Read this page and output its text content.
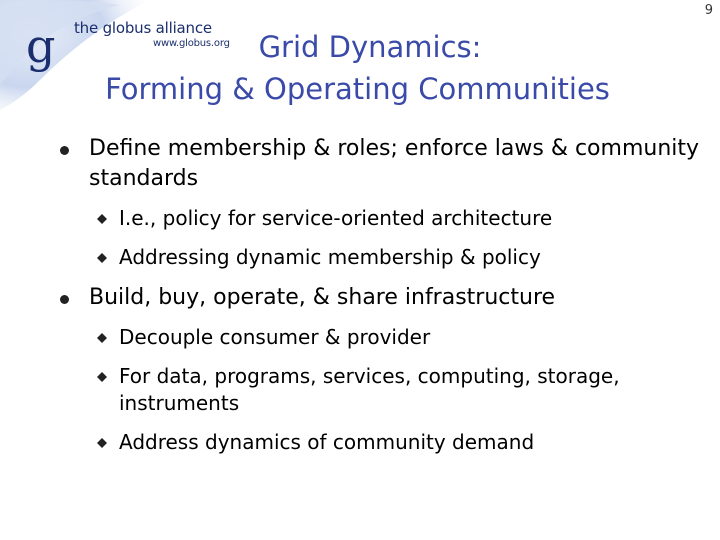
g the globus alliance
www.globus.org
9
Grid Dynamics:
Forming & Operating Communities
Define membership & roles; enforce laws & community standards
I.e., policy for service-oriented architecture
Addressing dynamic membership & policy
Build, buy, operate, & share infrastructure
Decouple consumer & provider
For data, programs, services, computing, storage, instruments
Address dynamics of community demand
